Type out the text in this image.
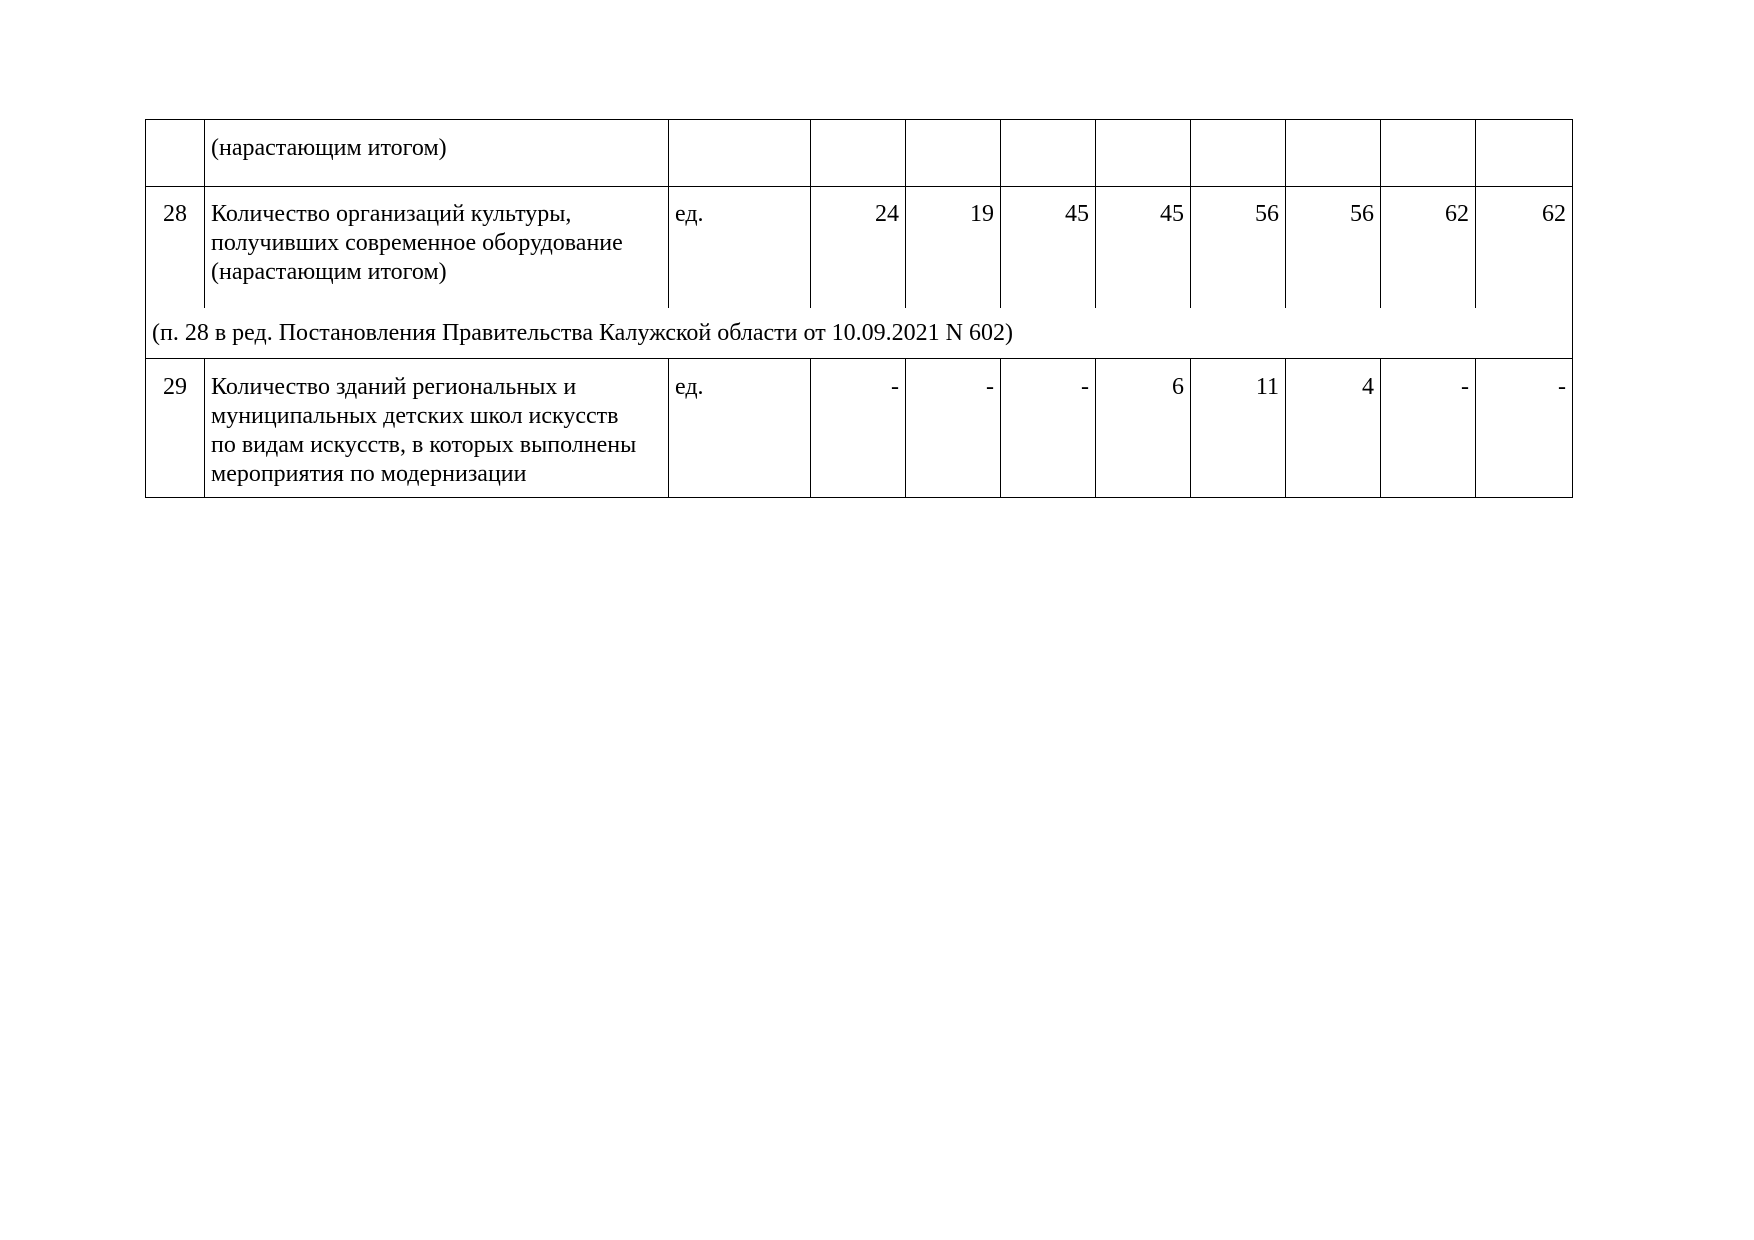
	(нарастающим итогом)									

28	Количество организаций культуры,
получивших современное оборудование
(нарастающим итогом)	ед.	24	19	45	45	56	56	62	62
(п. 28 в ред. Постановления Правительства Калужской области от 10.09.2021 N 602)										
29	Количество зданий региональных и
муниципальных детских школ искусств
по видам искусств, в которых выполнены
мероприятия по модернизации	ед.	-	-	-	6	11	4	-	-
